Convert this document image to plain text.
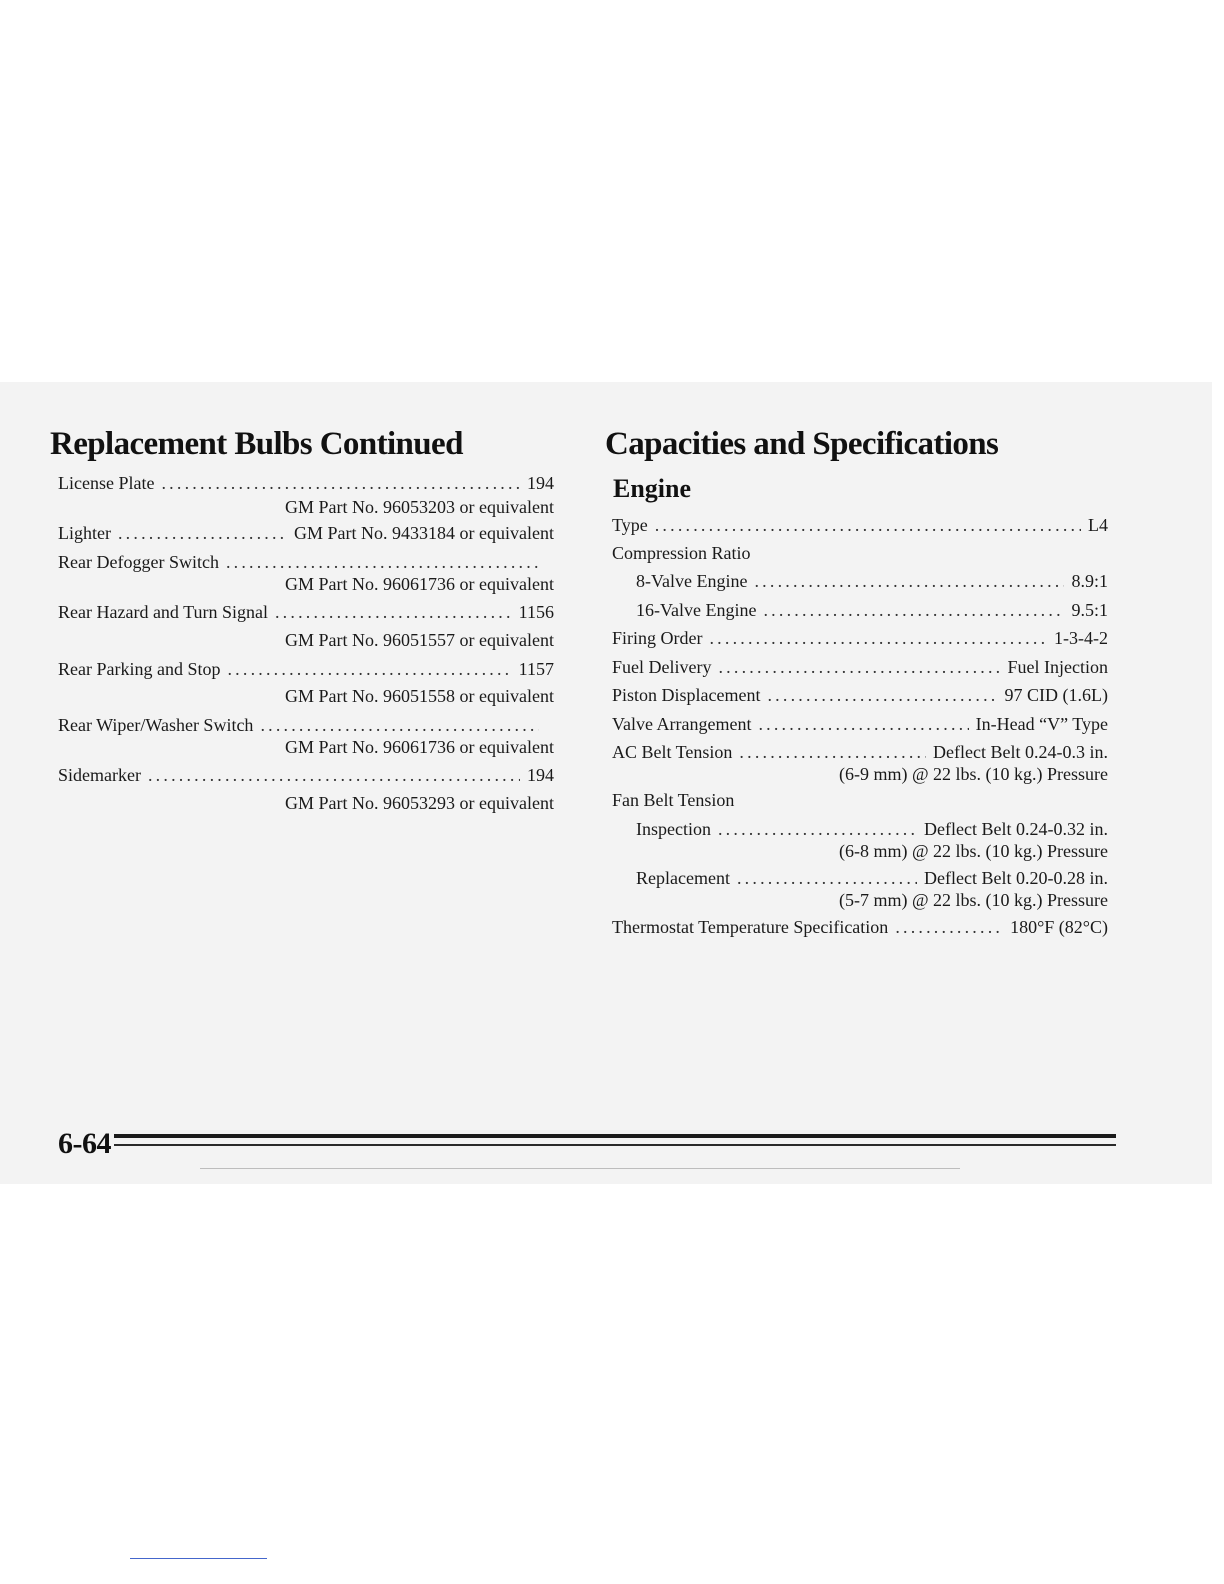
Replacement Bulbs Continued
License Plate .....	194
GM Part No. 96053203 or equivalent
Lighter .....	GM Part No. 9433184 or equivalent
Rear Defogger Switch
.....
GM Part No. 96061736 or equivalent
Rear Hazard and Turn Signal .....	1156
GM Part No. 96051557 or equivalent
Rear Parking and Stop .....	1157
GM Part No. 96051558 or equivalent
Rear Wiper/Washer Switch
.....
GM Part No. 96061736 or equivalent
Sidemarker .....	194
GM Part No. 96053293 or equivalent
Capacities and Specifications
Engine
Type .....	L4
Compression Ratio
8-Valve Engine .....	8.9:1
16-Valve Engine .....	9.5:1
Firing Order .....	1-3-4-2
Fuel Delivery .....	Fuel Injection
Piston Displacement .....	97 CID (1.6L)
Valve Arrangement .....	In-Head “V” Type
AC Belt Tension .....	Deflect Belt 0.24-0.3 in.
(6-9 mm) @ 22 lbs. (10 kg.) Pressure
Fan Belt Tension
Inspection .....	Deflect Belt 0.24-0.32 in.
(6-8 mm) @ 22 lbs. (10 kg.) Pressure
Replacement .....	Deflect Belt 0.20-0.28 in.
(5-7 mm) @ 22 lbs. (10 kg.) Pressure
Thermostat Temperature Specification .....	180°F (82°C)
6-64
